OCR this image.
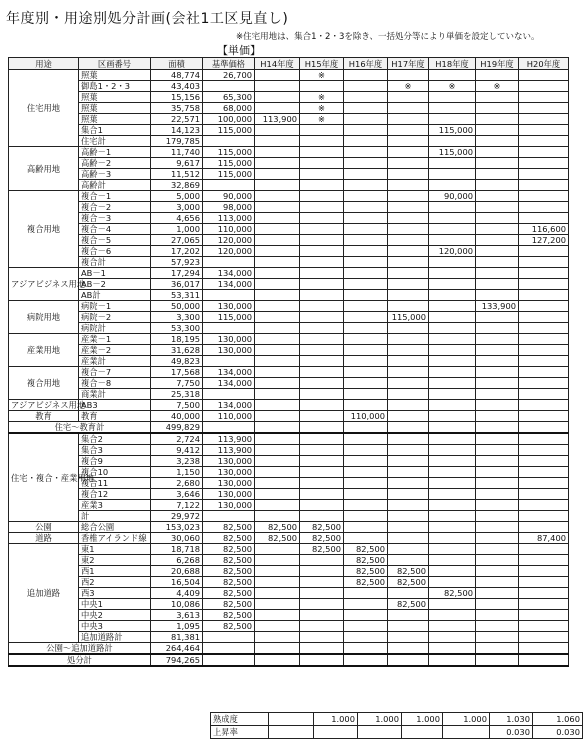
年度別・用途別処分計画(会社1工区見直し)
※住宅用地は、集合1・2・3を除き、一括処分等により単価を設定していない。
【単価】
用途	区画番号	面積	基準価格	H14年度	H15年度	H16年度	H17年度	H18年度	H19年度	H20年度
住宅用地	照葉	48,774	26,700		※					
	御島1・2・3	43,403					※	※	※	
	照葉	15,156	65,300		※					
	照葉	35,758	68,000		※					
	照葉	22,571	100,000	113,900	※					
	集合1	14,123	115,000					115,000		
	住宅計	179,785								
高齢用地	高齢－1	11,740	115,000					115,000		
	高齢－2	9,617	115,000							
	高齢－3	11,512	115,000							
	高齢計	32,869								
複合用地	複合－1	5,000	90,000					90,000		
	複合－2	3,000	98,000							
	複合－3	4,656	113,000							
	複合－4	1,000	110,000							116,600
	複合－5	27,065	120,000							127,200
	複合－6	17,202	120,000					120,000		
	複合計	57,923								
アジアビジネス用地	AB－1	17,294	134,000							
	AB－2	36,017	134,000							
	AB計	53,311								
病院用地	病院－1	50,000	130,000						133,900	
	病院－2	3,300	115,000				115,000			
	病院計	53,300								
産業用地	産業－1	18,195	130,000							
	産業－2	31,628	130,000							
	産業計	49,823								
複合用地	複合－7	17,568	134,000							
	複合－8	7,750	134,000							
	商業計	25,318								
アジアビジネス用地	AB3	7,500	134,000							
教育	教育	40,000	110,000			110,000				
住宅～教育計		499,829								
住宅・複合・産業用地	集合2	2,724	113,900							
	集合3	9,412	113,900							
	複合9	3,238	130,000							
	複合10	1,150	130,000							
	複合11	2,680	130,000							
	複合12	3,646	130,000							
	産業3	7,122	130,000							
	計	29,972								
公園	総合公園	153,023	82,500	82,500	82,500					
道路	香椎アイランド線	30,060	82,500	82,500	82,500					87,400
追加道路	東1	18,718	82,500		82,500	82,500				
	東2	6,268	82,500			82,500				
	西1	20,688	82,500			82,500	82,500			
	西2	16,504	82,500			82,500	82,500			
	西3	4,409	82,500					82,500		
	中央1	10,086	82,500				82,500			
	中央2	3,613	82,500							
	中央3	1,095	82,500							
	追加道路計	81,381								
公園～追加道路計		264,464								
処分計		794,265								
熟成度		1.000	1.000	1.000	1.000	1.030	1.060
上昇率						0.030	0.030
